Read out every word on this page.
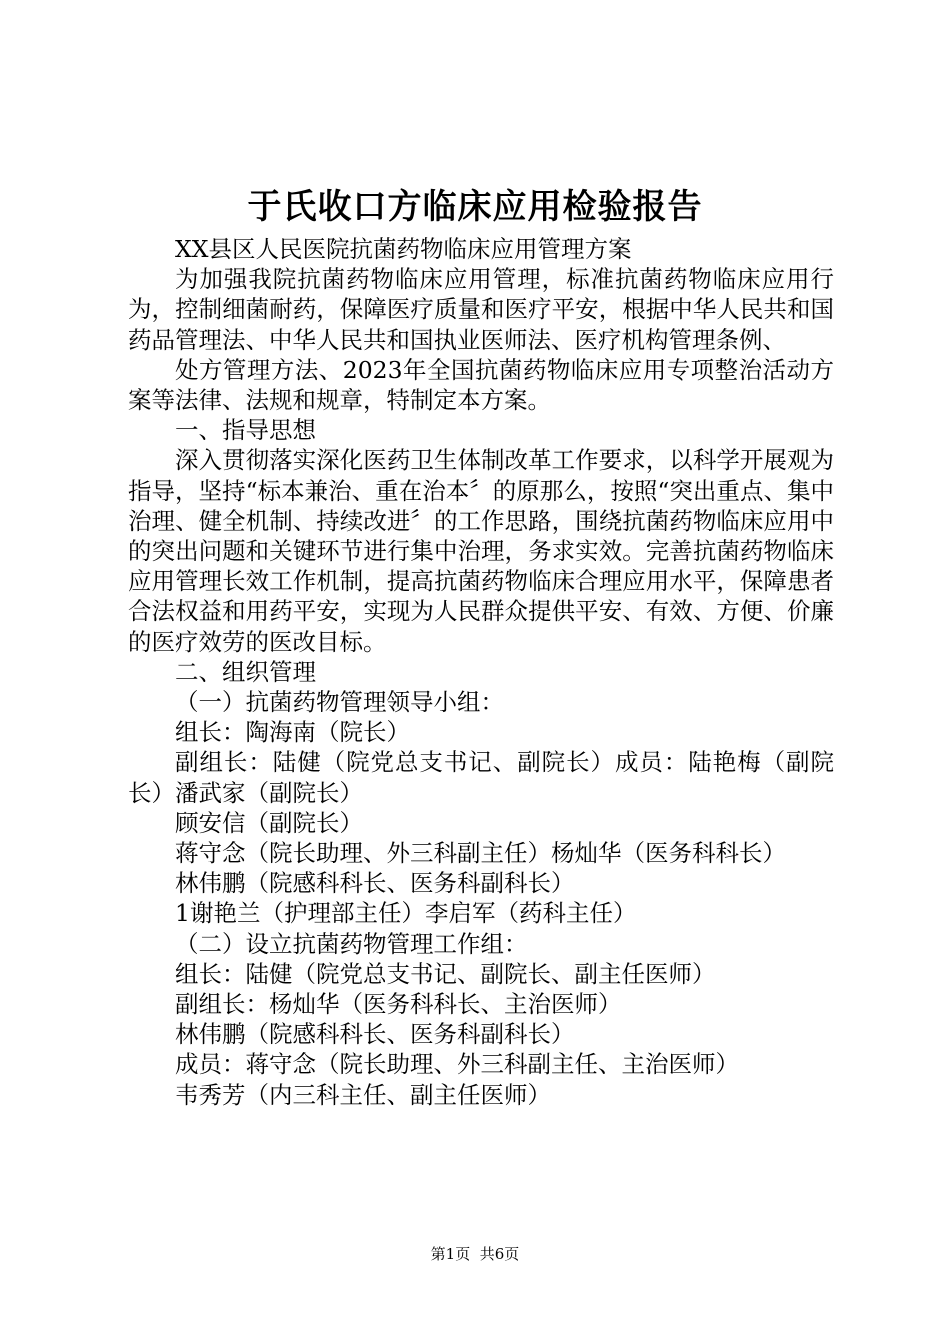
于氏收口方临床应用检验报告

XX县区人民医院抗菌药物临床应用管理方案

为加强我院抗菌药物临床应用管理，标准抗菌药物临床应用行为，控制细菌耐药，保障医疗质量和医疗平安，根据中华人民共和国药品管理法、中华人民共和国执业医师法、医疗机构管理条例、

处方管理方法、2023年全国抗菌药物临床应用专项整治活动方案等法律、法规和规章，特制定本方案。

一、指导思想

深入贯彻落实深化医药卫生体制改革工作要求，以科学开展观为指导，坚持“标本兼治、重在治本〞的原那么，按照“突出重点、集中治理、健全机制、持续改进〞的工作思路，围绕抗菌药物临床应用中的突出问题和关键环节进行集中治理，务求实效。完善抗菌药物临床应用管理长效工作机制，提高抗菌药物临床合理应用水平，保障患者合法权益和用药平安，实现为人民群众提供平安、有效、方便、价廉的医疗效劳的医改目标。

二、组织管理

（一）抗菌药物管理领导小组：

组长：陶海南（院长）

副组长：陆健（院党总支书记、副院长）成员：陆艳梅（副院长）潘武家（副院长）

顾安信（副院长）

蒋守念（院长助理、外三科副主任）杨灿华（医务科科长）

林伟鹏（院感科科长、医务科副科长）

1谢艳兰（护理部主任）李启军（药科主任）

（二）设立抗菌药物管理工作组：

组长：陆健（院党总支书记、副院长、副主任医师）

副组长：杨灿华（医务科科长、主治医师）

林伟鹏（院感科科长、医务科副科长）

成员：蒋守念（院长助理、外三科副主任、主治医师）

韦秀芳（内三科主任、副主任医师）

第1页 共6页
